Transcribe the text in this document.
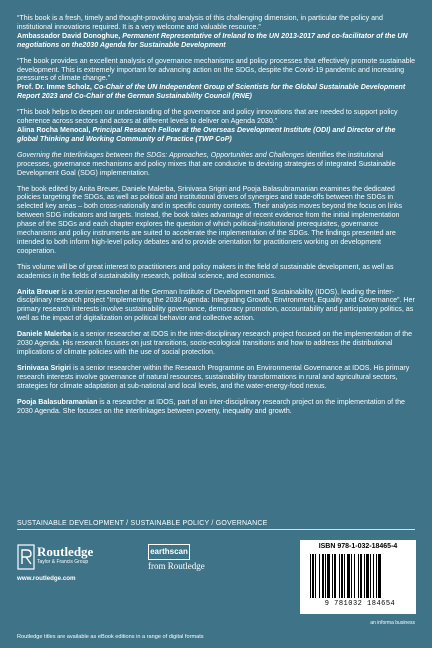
“This book is a fresh, timely and thought-provoking analysis of this challenging dimension, in particular the policy and institutional innovations required. It is a very welcome and valuable resource.”
Ambassador David Donoghue, Permanent Representative of Ireland to the UN 2013-2017 and co-facilitator of the UN negotiations on the2030 Agenda for Sustainable Development
“The book provides an excellent analysis of governance mechanisms and policy processes that effectively promote sustainable development. This is extremely important for advancing action on the SDGs, despite the Covid-19 pandemic and increasing pressures of climate change.”
Prof. Dr. Imme Scholz, Co-Chair of the UN Independent Group of Scientists for the Global Sustainable Development Report 2023 and Co-Chair of the German Sustainability Council (RNE)
“This book helps to deepen our understanding of the governance and policy innovations that are needed to support policy coherence across sectors and actors at different levels to deliver on Agenda 2030.”
Alina Rocha Menocal, Principal Research Fellow at the Overseas Development Institute (ODI) and Director of the global Thinking and Working Community of Practice (TWP CoP)
Governing the Interlinkages between the SDGs: Approaches, Opportunities and Challenges identifies the institutional processes, governance mechanisms and policy mixes that are conducive to devising strategies of integrated Sustainable Development Goal (SDG) implementation.
The book edited by Anita Breuer, Daniele Malerba, Srinivasa Srigiri and Pooja Balasubramanian examines the dedicated policies targeting the SDGs, as well as political and institutional drivers of synergies and trade-offs between the SDGs in selected key areas – both cross-nationally and in specific country contexts. Their analysis moves beyond the focus on links between SDG indicators and targets. Instead, the book takes advantage of recent evidence from the initial implementation phase of the SDGs and each chapter explores the question of which political-institutional prerequisites, governance mechanisms and policy instruments are suited to accelerate the implementation of the SDGs. The findings presented are intended to both inform high-level policy debates and to provide orientation for practitioners working on development cooperation.
This volume will be of great interest to practitioners and policy makers in the field of sustainable development, as well as academics in the fields of sustainability research, political science, and economics.
Anita Breuer is a senior researcher at the German Institute of Development and Sustainability (IDOS), leading the inter-disciplinary research project “Implementing the 2030 Agenda: Integrating Growth, Environment, Equality and Governance”. Her primary research interests involve sustainability governance, democracy promotion, accountability and participatory politics, as well as the impact of digitalization on political behavior and collective action.
Daniele Malerba is a senior researcher at IDOS in the inter-disciplinary research project focused on the implementation of the 2030 Agenda. His research focuses on just transitions, socio-ecological transitions and how to address the distributional implications of climate policies with the use of social protection.
Srinivasa Srigiri is a senior researcher within the Research Programme on Environmental Governance at IDOS. His primary research interests involve governance of natural resources, sustainability transformations in rural and agricultural sectors, strategies for climate adaptation at sub-national and local levels, and the water-energy-food nexus.
Pooja Balasubramanian is a researcher at IDOS, part of an inter-disciplinary research project on the implementation of the 2030 Agenda. She focuses on the interlinkages between poverty, inequality and growth.
SUSTAINABLE DEVELOPMENT / SUSTAINABLE POLICY / GOVERNANCE
Routledge
Taylor & Francis Group
www.routledge.com
earthscan
from Routledge
ISBN 978-1-032-18465-4
9 781032 184654
an informa business
Routledge titles are available as eBook editions in a range of digital formats
